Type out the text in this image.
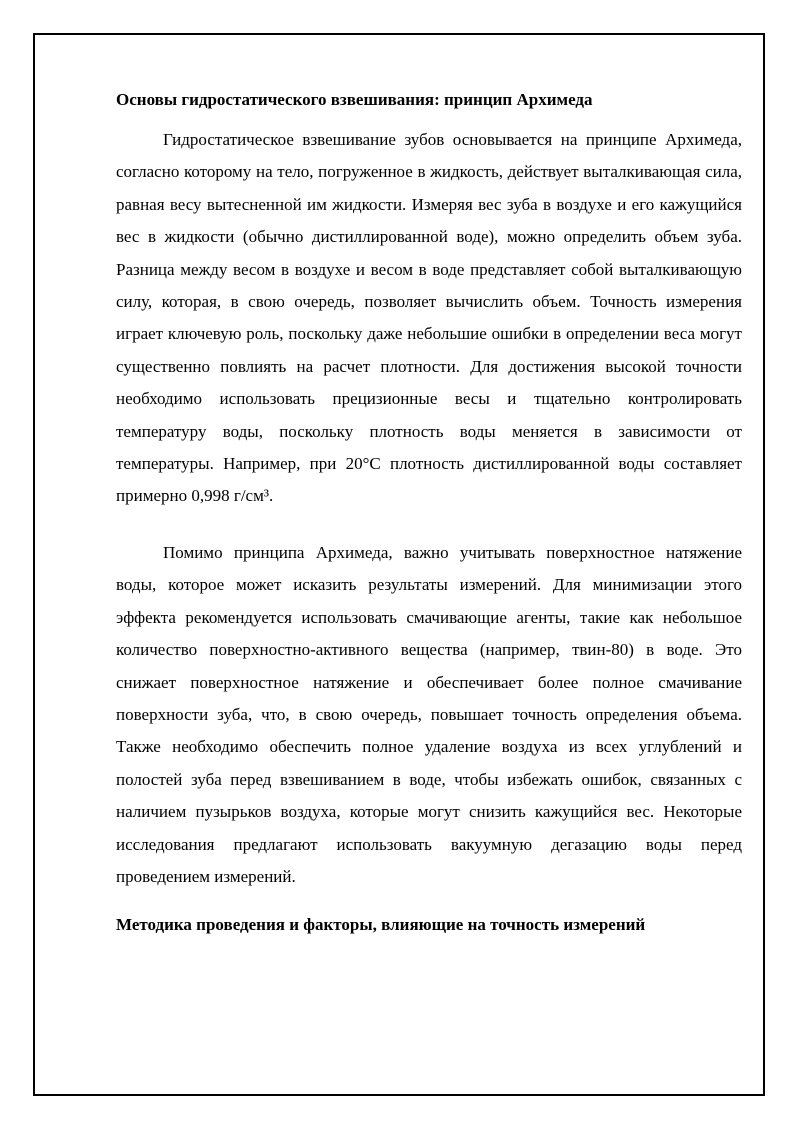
Основы гидростатического взвешивания: принцип Архимеда

Гидростатическое взвешивание зубов основывается на принципе Архимеда, согласно которому на тело, погруженное в жидкость, действует выталкивающая сила, равная весу вытесненной им жидкости. Измеряя вес зуба в воздухе и его кажущийся вес в жидкости (обычно дистиллированной воде), можно определить объем зуба. Разница между весом в воздухе и весом в воде представляет собой выталкивающую силу, которая, в свою очередь, позволяет вычислить объем. Точность измерения играет ключевую роль, поскольку даже небольшие ошибки в определении веса могут существенно повлиять на расчет плотности. Для достижения высокой точности необходимо использовать прецизионные весы и тщательно контролировать температуру воды, поскольку плотность воды меняется в зависимости от температуры. Например, при 20°C плотность дистиллированной воды составляет примерно 0,998 г/см³.

Помимо принципа Архимеда, важно учитывать поверхностное натяжение воды, которое может исказить результаты измерений. Для минимизации этого эффекта рекомендуется использовать смачивающие агенты, такие как небольшое количество поверхностно-активного вещества (например, твин-80) в воде. Это снижает поверхностное натяжение и обеспечивает более полное смачивание поверхности зуба, что, в свою очередь, повышает точность определения объема. Также необходимо обеспечить полное удаление воздуха из всех углублений и полостей зуба перед взвешиванием в воде, чтобы избежать ошибок, связанных с наличием пузырьков воздуха, которые могут снизить кажущийся вес. Некоторые исследования предлагают использовать вакуумную дегазацию воды перед проведением измерений.

Методика проведения и факторы, влияющие на точность измерений
